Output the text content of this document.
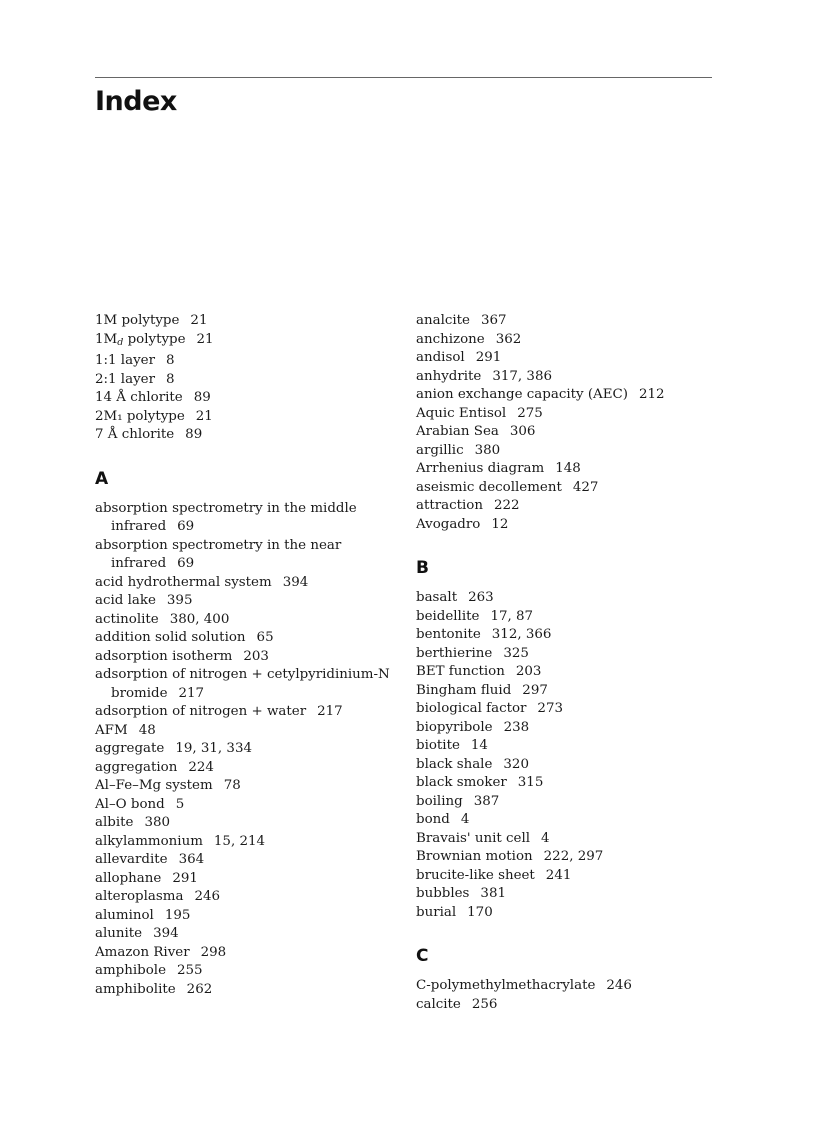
Index
1M polytype 21
$1M_d$ polytype 21
1:1 layer 8
2:1 layer 8
14 Å chlorite 89
2M₁ polytype 21
7 Å chlorite 89
A
absorption spectrometry in the middle infrared 69
absorption spectrometry in the near infrared 69
acid hydrothermal system 394
acid lake 395
actinolite 380, 400
addition solid solution 65
adsorption isotherm 203
adsorption of nitrogen + cetylpyridinium-N bromide 217
adsorption of nitrogen + water 217
AFM 48
aggregate 19, 31, 334
aggregation 224
Al–Fe–Mg system 78
Al–O bond 5
albite 380
alkylammonium 15, 214
allevardite 364
allophane 291
alteroplasma 246
aluminol 195
alunite 394
Amazon River 298
amphibole 255
amphibolite 262
analcite 367
anchizone 362
andisol 291
anhydrite 317, 386
anion exchange capacity (AEC) 212
Aquic Entisol 275
Arabian Sea 306
argillic 380
Arrhenius diagram 148
aseismic decollement 427
attraction 222
Avogadro 12
B
basalt 263
beidellite 17, 87
bentonite 312, 366
berthierine 325
BET function 203
Bingham fluid 297
biological factor 273
biopyribole 238
biotite 14
black shale 320
black smoker 315
boiling 387
bond 4
Bravais' unit cell 4
Brownian motion 222, 297
brucite-like sheet 241
bubbles 381
burial 170
C
C-polymethylmethacrylate 246
calcite 256
